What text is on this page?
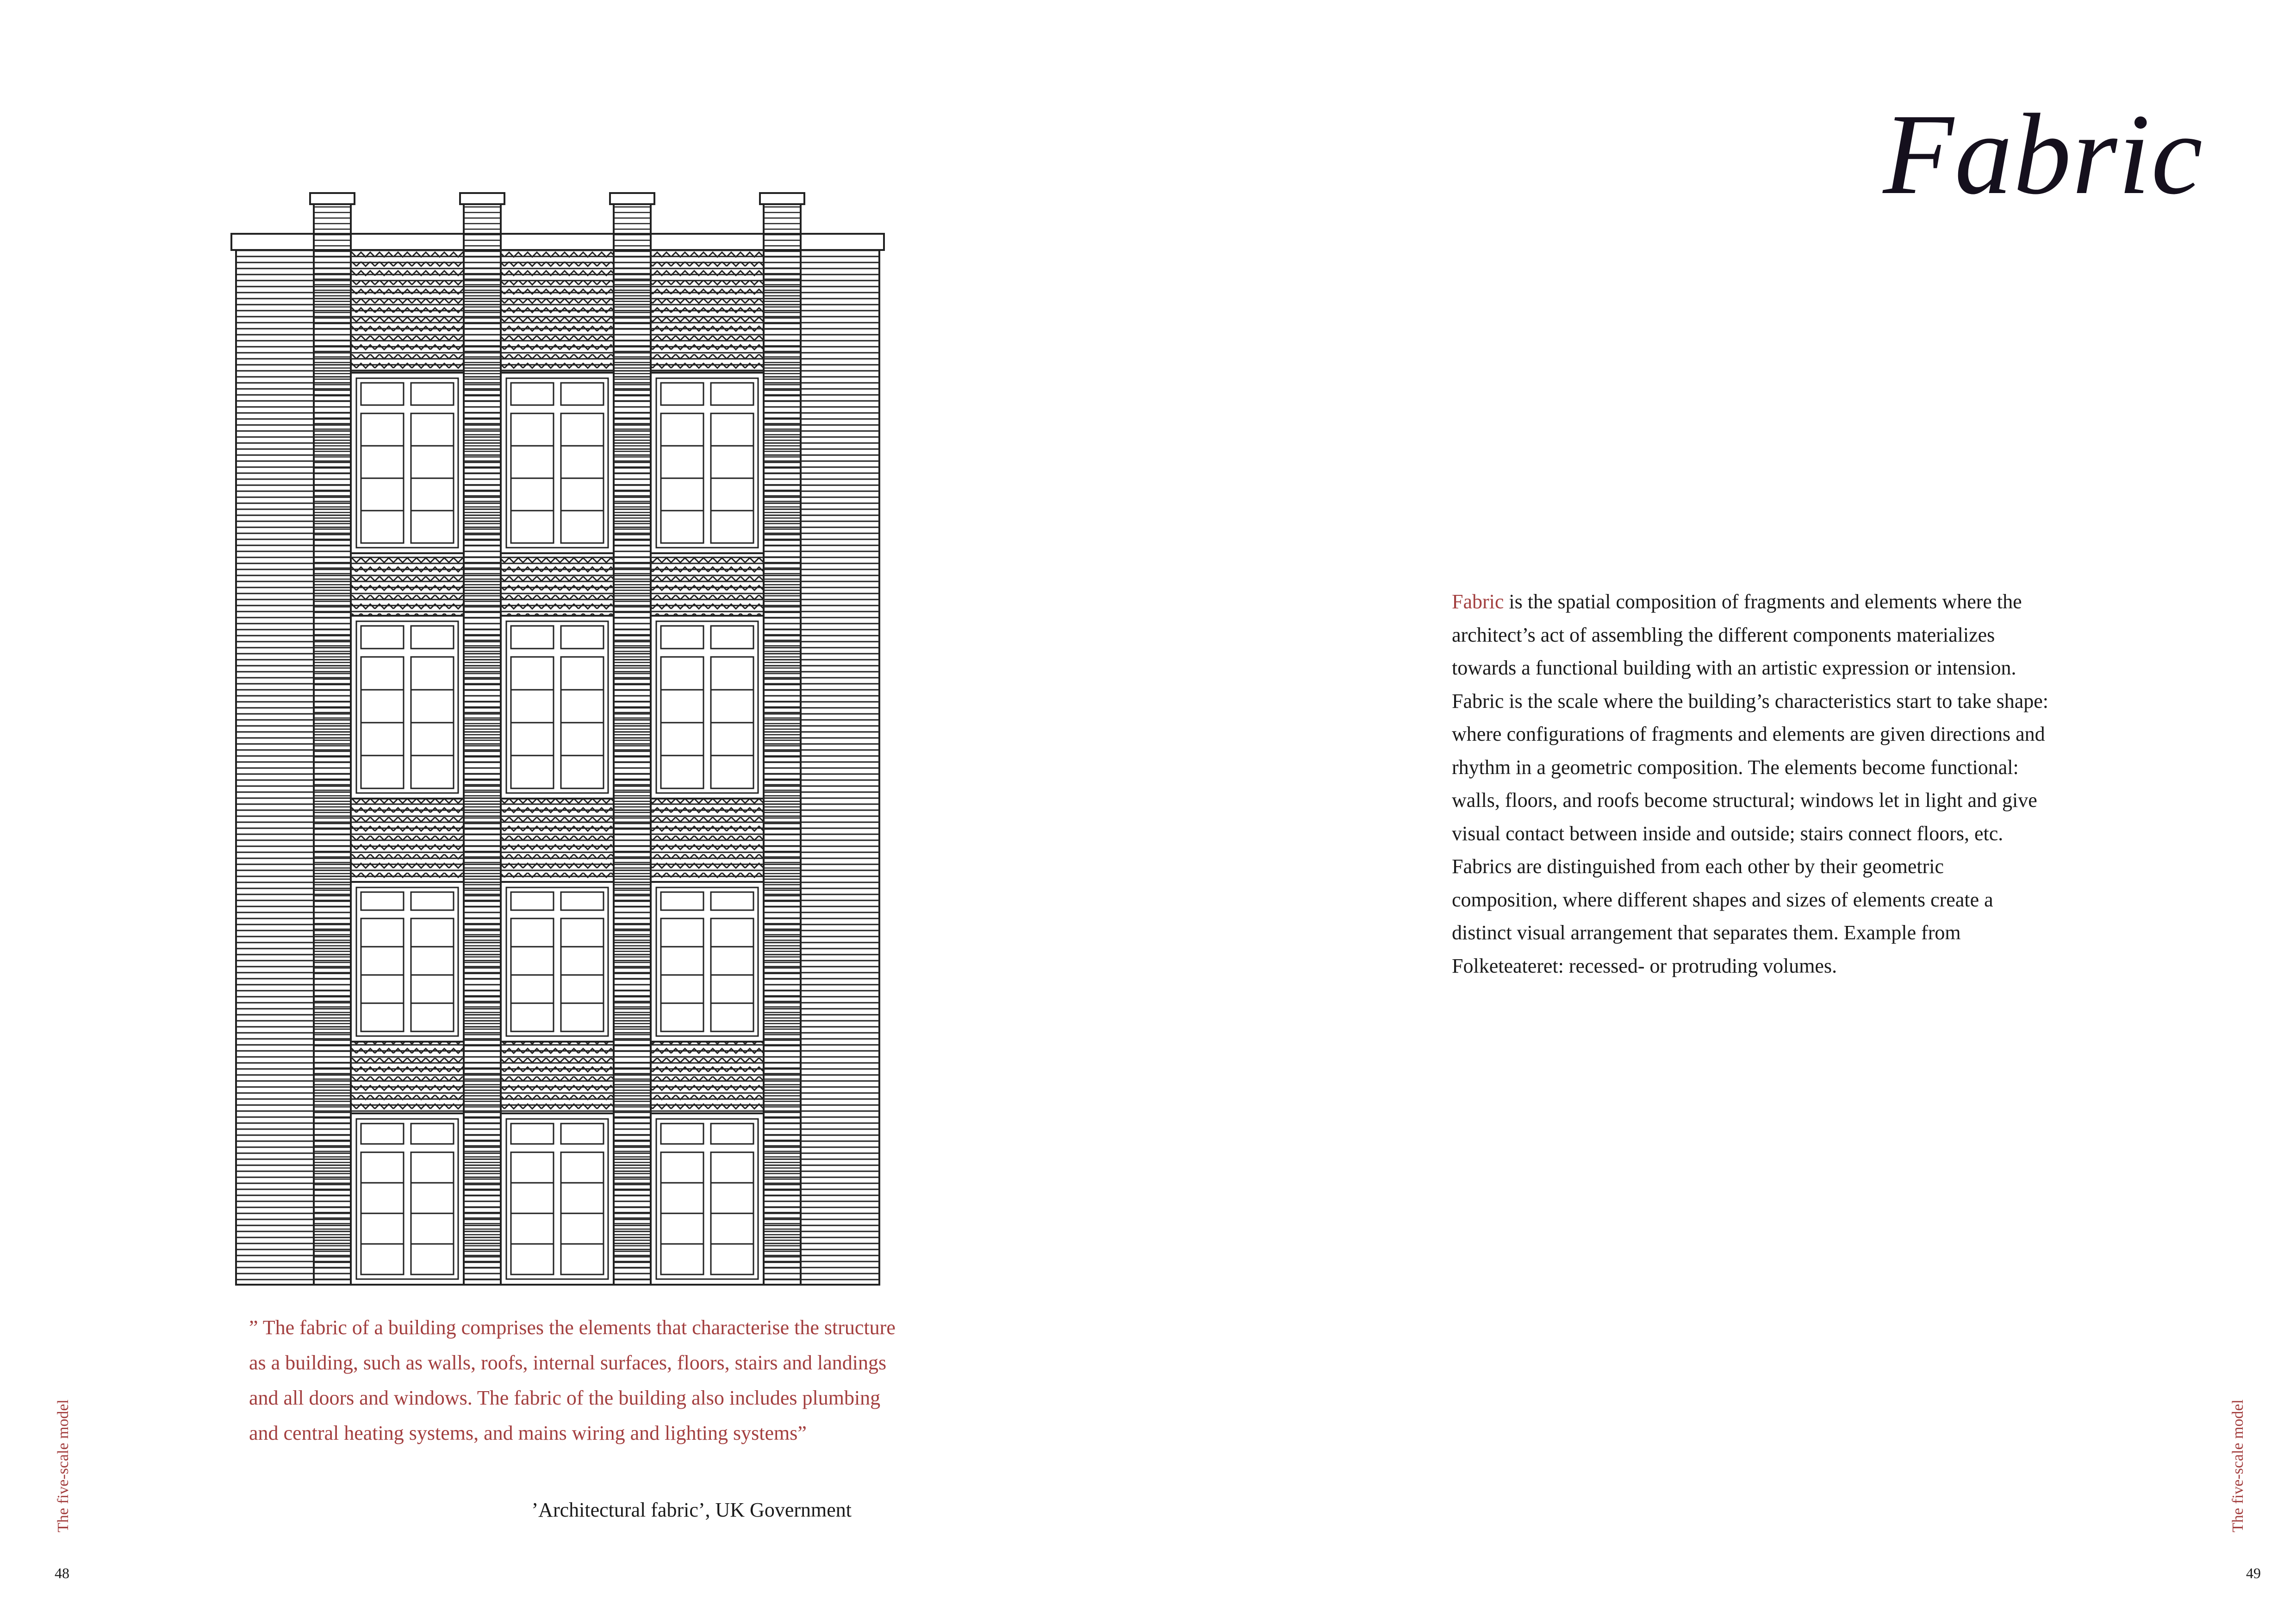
” The fabric of a building comprises the elements that characterise the structure as a building, such as walls, roofs, internal surfaces, floors, stairs and landings and all doors and windows. The fabric of the building also includes plumbing and central heating systems, and mains wiring and lighting systems”

’Architectural fabric’, UK Government

The five-scale model
48
Fabric

Fabric is the spatial composition of fragments and elements where the architect’s act of assembling the different components materializes towards a functional building with an artistic expression or intension. Fabric is the scale where the building’s characteristics start to take shape: where configurations of fragments and elements are given directions and rhythm in a geometric composition. The elements become functional: walls, floors, and roofs become structural; windows let in light and give visual contact between inside and outside; stairs connect floors, etc. Fabrics are distinguished from each other by their geometric composition, where different shapes and sizes of elements create a distinct visual arrangement that separates them. Example from Folketeateret: recessed- or protruding volumes.

The five-scale model
49
